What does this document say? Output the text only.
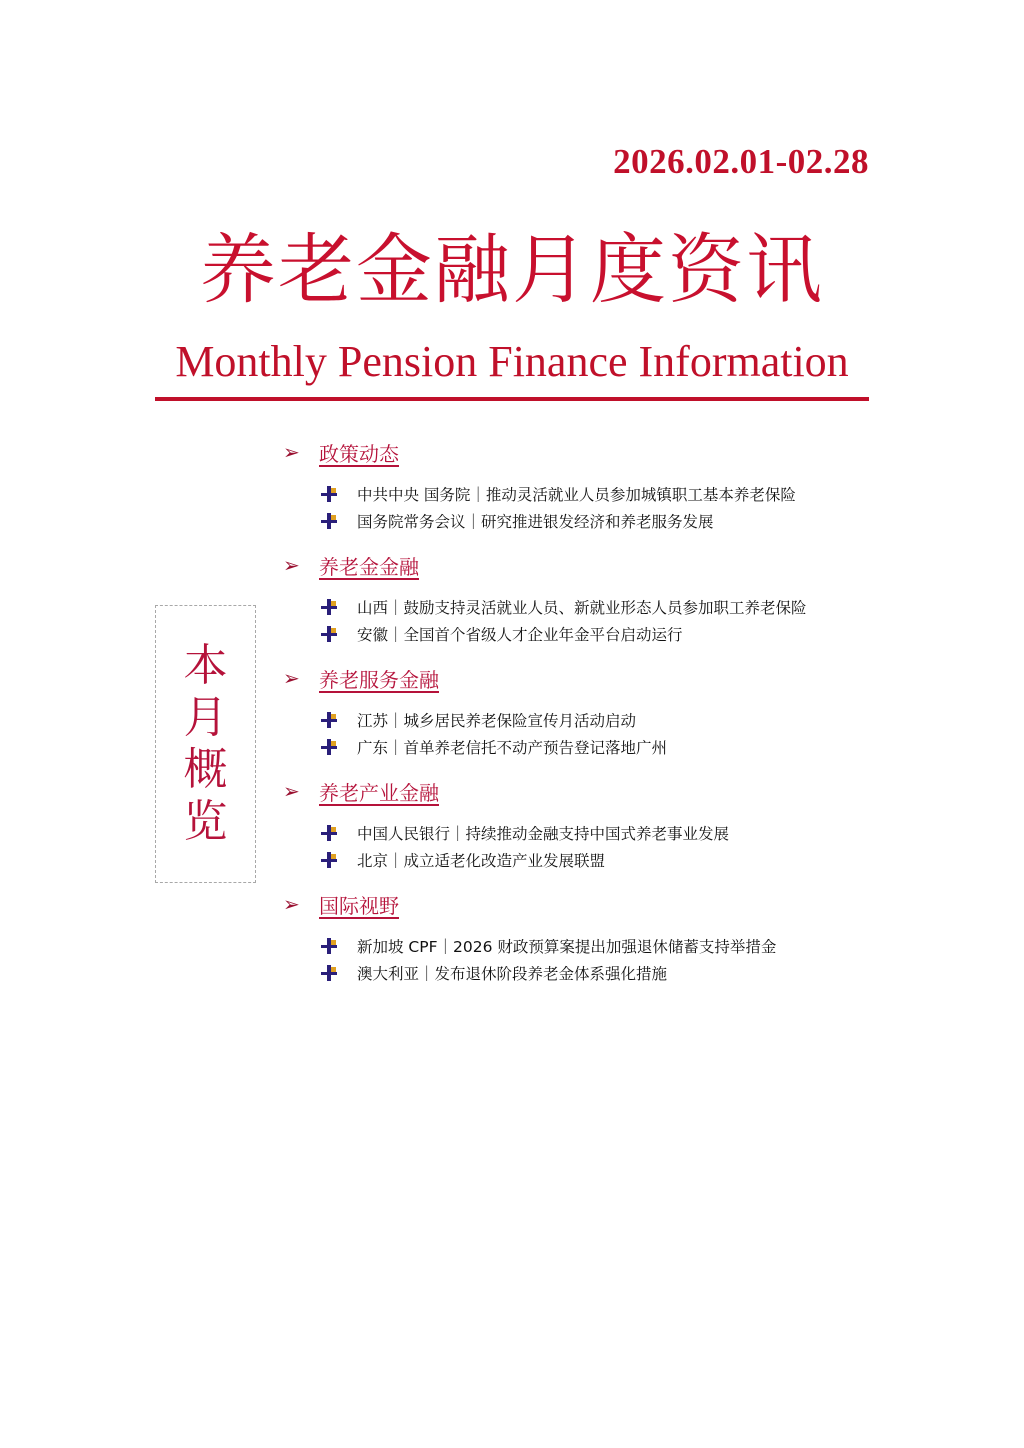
2026.02.01-02.28
养老金融月度资讯
Monthly Pension Finance Information
本
月
概
览
➢ 政策动态
中共中央 国务院｜推动灵活就业人员参加城镇职工基本养老保险
国务院常务会议｜研究推进银发经济和养老服务发展
➢ 养老金金融
山西｜鼓励支持灵活就业人员、新就业形态人员参加职工养老保险
安徽｜全国首个省级人才企业年金平台启动运行
➢ 养老服务金融
江苏｜城乡居民养老保险宣传月活动启动
广东｜首单养老信托不动产预告登记落地广州
➢ 养老产业金融
中国人民银行｜持续推动金融支持中国式养老事业发展
北京｜成立适老化改造产业发展联盟
➢ 国际视野
新加坡 CPF｜2026 财政预算案提出加强退休储蓄支持举措金
澳大利亚｜发布退休阶段养老金体系强化措施
